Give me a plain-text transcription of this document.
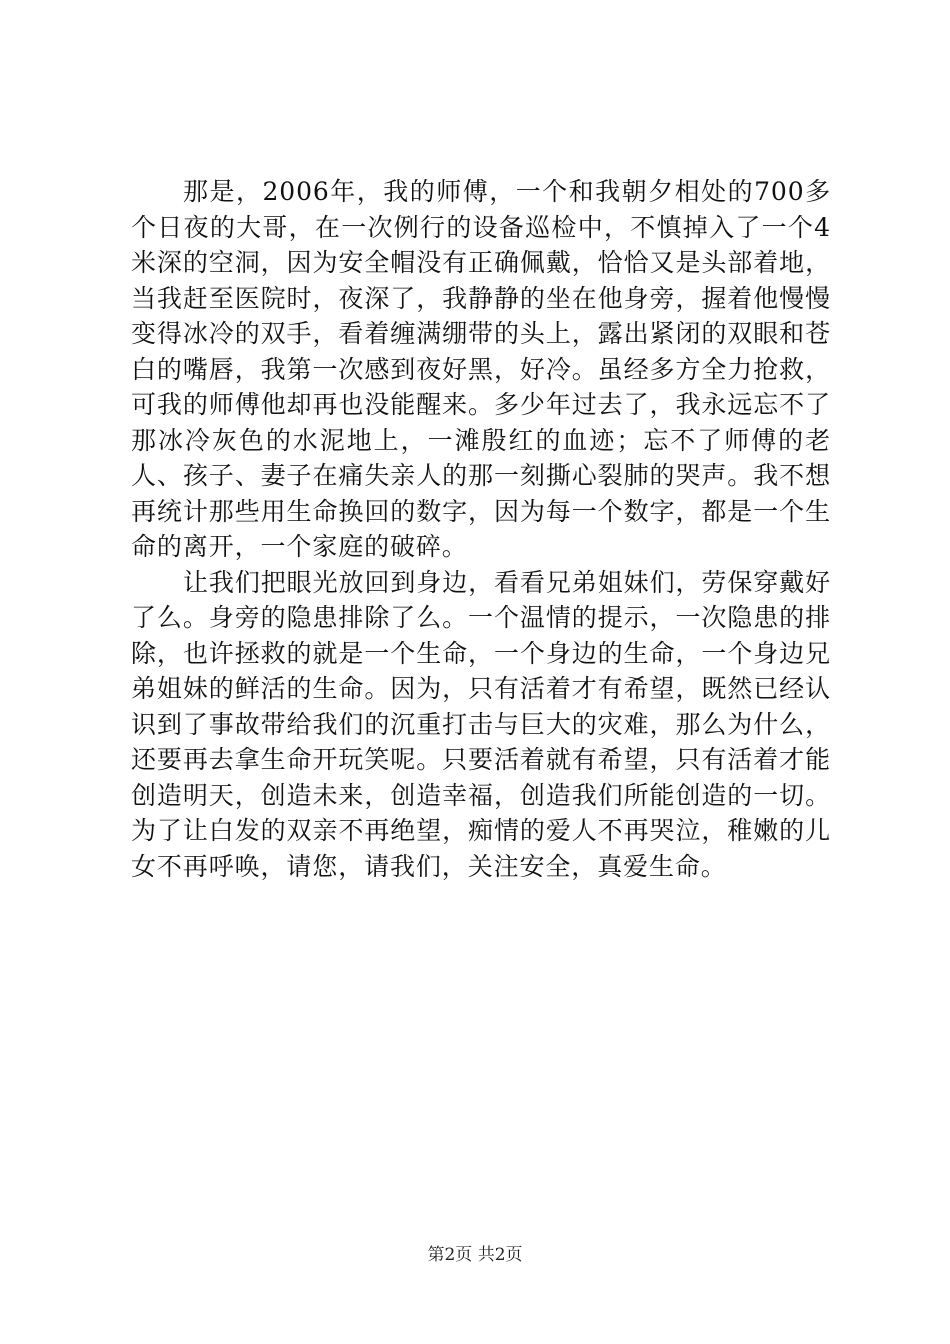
那是，2006年，我的师傅，一个和我朝夕相处的700多个日夜的大哥，在一次例行的设备巡检中，不慎掉入了一个4米深的空洞，因为安全帽没有正确佩戴，恰恰又是头部着地，当我赶至医院时，夜深了，我静静的坐在他身旁，握着他慢慢变得冰冷的双手，看着缠满绷带的头上，露出紧闭的双眼和苍白的嘴唇，我第一次感到夜好黑，好冷。虽经多方全力抢救，可我的师傅他却再也没能醒来。多少年过去了，我永远忘不了那冰冷灰色的水泥地上，一滩殷红的血迹；忘不了师傅的老人、孩子、妻子在痛失亲人的那一刻撕心裂肺的哭声。我不想再统计那些用生命换回的数字，因为每一个数字，都是一个生命的离开，一个家庭的破碎。

让我们把眼光放回到身边，看看兄弟姐妹们，劳保穿戴好了么。身旁的隐患排除了么。一个温情的提示，一次隐患的排除，也许拯救的就是一个生命，一个身边的生命，一个身边兄弟姐妹的鲜活的生命。因为，只有活着才有希望，既然已经认识到了事故带给我们的沉重打击与巨大的灾难，那么为什么，还要再去拿生命开玩笑呢。只要活着就有希望，只有活着才能创造明天，创造未来，创造幸福，创造我们所能创造的一切。为了让白发的双亲不再绝望，痴情的爱人不再哭泣，稚嫩的儿女不再呼唤，请您，请我们，关注安全，真爱生命。

第2页 共2页
